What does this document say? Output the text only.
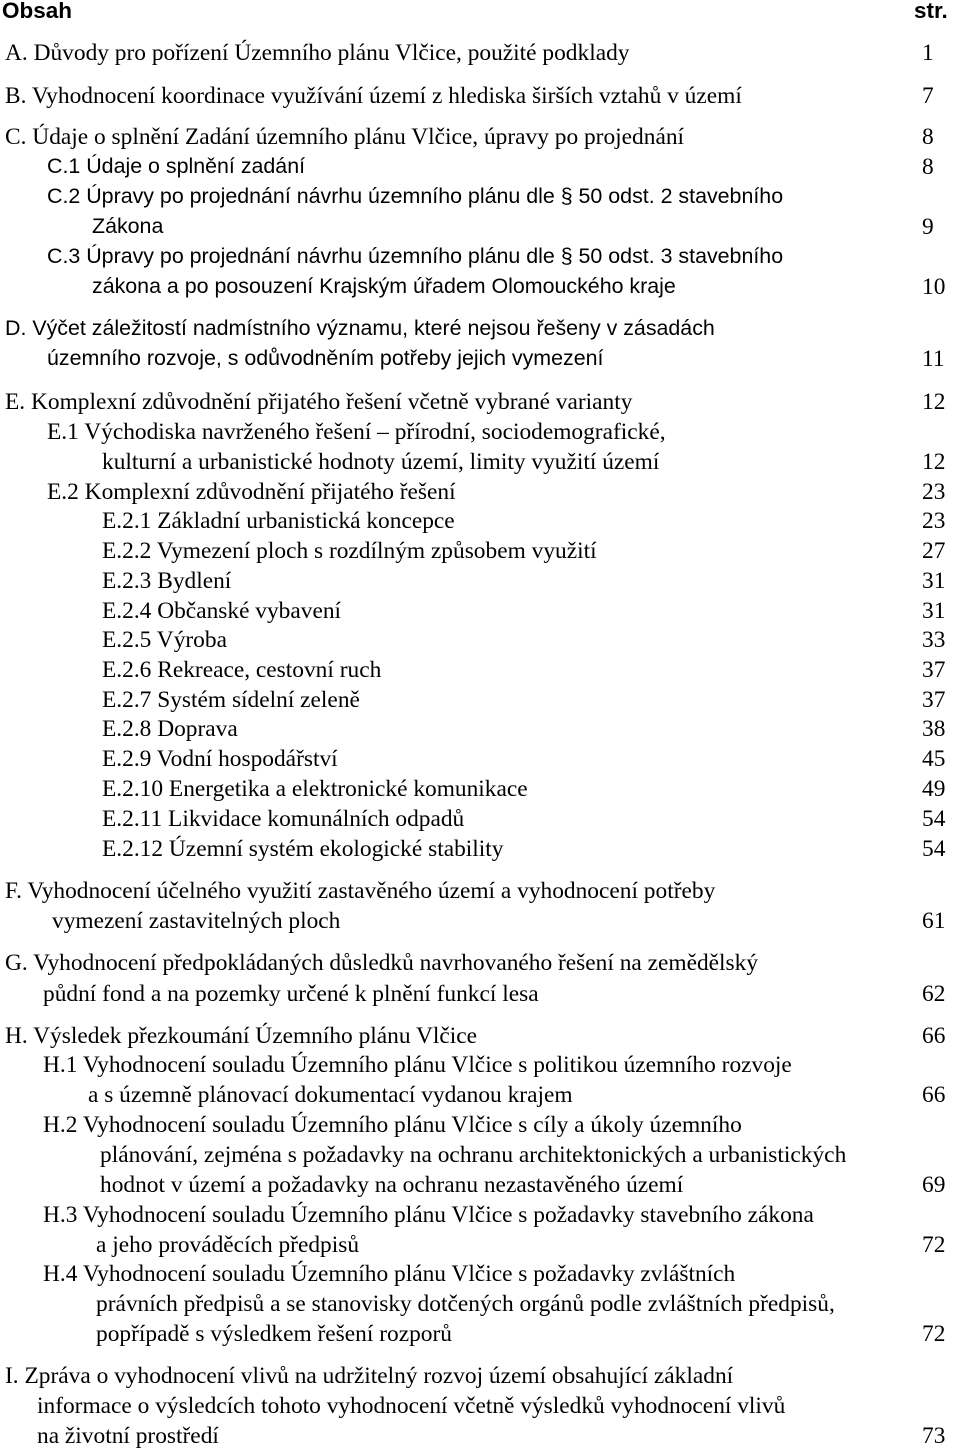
Obsah	str.
A. Důvody pro pořízení Územního plánu Vlčice, použité podklady	1
B. Vyhodnocení koordinace využívání území z hlediska širších vztahů v území	7
C. Údaje o splnění Zadání územního plánu Vlčice, úpravy po projednání	8
C.1 Údaje o splnění zadání	8
C.2 Úpravy po projednání návrhu územního plánu dle § 50 odst. 2 stavebního
Zákona	9
C.3 Úpravy po projednání návrhu územního plánu dle § 50 odst. 3 stavebního
zákona a po posouzení Krajským úřadem Olomouckého kraje	10
D. Výčet záležitostí nadmístního významu, které nejsou řešeny v zásadách
územního rozvoje, s odůvodněním potřeby jejich vymezení	11
E. Komplexní zdůvodnění přijatého řešení včetně vybrané varianty	12
E.1 Východiska navrženého řešení – přírodní, sociodemografické,
kulturní a urbanistické hodnoty území, limity využití území	12
E.2 Komplexní zdůvodnění přijatého řešení	23
E.2.1 Základní urbanistická koncepce	23
E.2.2 Vymezení ploch s rozdílným způsobem využití	27
E.2.3 Bydlení	31
E.2.4 Občanské vybavení	31
E.2.5 Výroba	33
E.2.6 Rekreace, cestovní ruch	37
E.2.7 Systém sídelní zeleně	37
E.2.8 Doprava	38
E.2.9 Vodní hospodářství	45
E.2.10 Energetika a elektronické komunikace	49
E.2.11 Likvidace komunálních odpadů	54
E.2.12 Územní systém ekologické stability	54
F. Vyhodnocení účelného využití zastavěného území a vyhodnocení potřeby
vymezení zastavitelných ploch	61
G. Vyhodnocení předpokládaných důsledků navrhovaného řešení na zemědělský
půdní fond a na pozemky určené k plnění funkcí lesa	62
H. Výsledek přezkoumání Územního plánu Vlčice	66
H.1 Vyhodnocení souladu Územního plánu Vlčice s politikou územního rozvoje
a s územně plánovací dokumentací vydanou krajem	66
H.2 Vyhodnocení souladu Územního plánu Vlčice s cíly a úkoly územního
plánování, zejména s požadavky na ochranu architektonických a urbanistických
hodnot v území a požadavky na ochranu nezastavěného území	69
H.3 Vyhodnocení souladu Územního plánu Vlčice s požadavky stavebního zákona
a jeho prováděcích předpisů	72
H.4 Vyhodnocení souladu Územního plánu Vlčice s požadavky zvláštních
právních předpisů a se stanovisky dotčených orgánů podle zvláštních předpisů,
popřípadě s výsledkem řešení rozporů	72
I. Zpráva o vyhodnocení vlivů na udržitelný rozvoj území obsahující základní
informace o výsledcích tohoto vyhodnocení včetně výsledků vyhodnocení vlivů
na životní prostředí	73
